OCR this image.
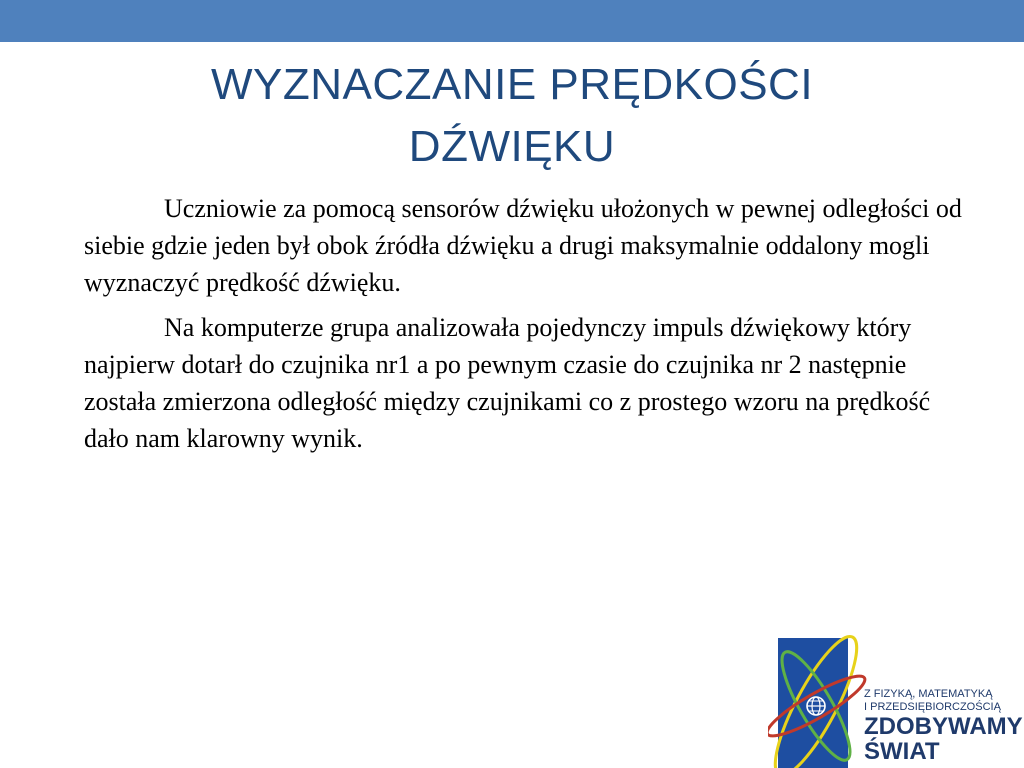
WYZNACZANIE PRĘDKOŚCI
DŹWIĘKU

Uczniowie za pomocą sensorów dźwięku ułożonych w pewnej odległości od siebie gdzie jeden był obok źródła dźwięku a drugi maksymalnie oddalony mogli wyznaczyć prędkość dźwięku.

Na komputerze grupa analizowała pojedynczy impuls dźwiękowy który najpierw dotarł do czujnika nr1 a po pewnym czasie do czujnika nr 2 następnie została zmierzona odległość między czujnikami co z prostego wzoru na prędkość dało nam klarowny wynik.

Z FIZYKĄ, MATEMATYKĄ
I PRZEDSIĘBIORCZOŚCIĄ
ZDOBYWAMY
ŚWIAT
